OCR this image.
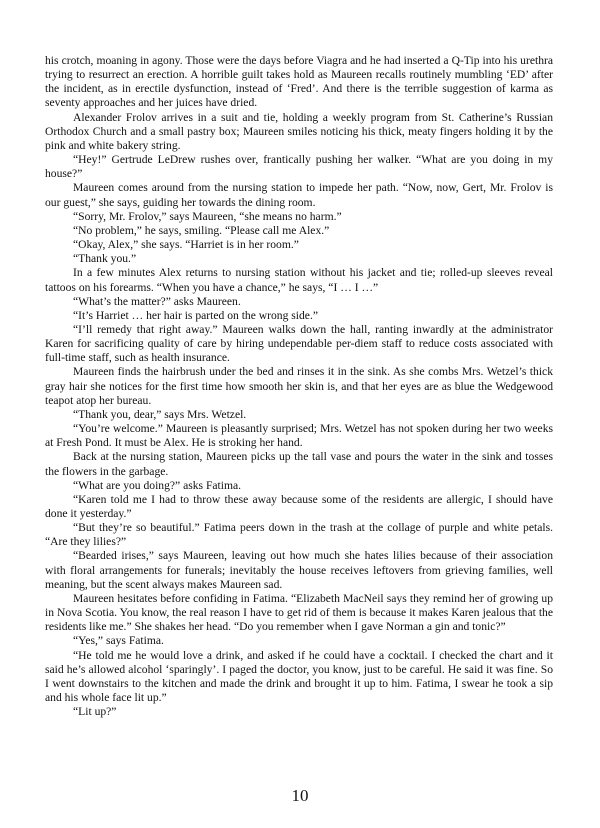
his crotch, moaning in agony. Those were the days before Viagra and he had inserted a Q-Tip into his urethra trying to resurrect an erection. A horrible guilt takes hold as Maureen recalls routinely mumbling ‘ED’ after the incident, as in erectile dysfunction, instead of ‘Fred’. And there is the terrible suggestion of karma as seventy approaches and her juices have dried.

Alexander Frolov arrives in a suit and tie, holding a weekly program from St. Catherine’s Russian Orthodox Church and a small pastry box; Maureen smiles noticing his thick, meaty fingers holding it by the pink and white bakery string.

“Hey!” Gertrude LeDrew rushes over, frantically pushing her walker. “What are you doing in my house?”

Maureen comes around from the nursing station to impede her path. “Now, now, Gert, Mr. Frolov is our guest,” she says, guiding her towards the dining room.

“Sorry, Mr. Frolov,” says Maureen, “she means no harm.”

“No problem,” he says, smiling. “Please call me Alex.”

“Okay, Alex,” she says. “Harriet is in her room.”

“Thank you.”

In a few minutes Alex returns to nursing station without his jacket and tie; rolled-up sleeves reveal tattoos on his forearms. “When you have a chance,” he says, “I … I …”

“What’s the matter?” asks Maureen.

“It’s Harriet … her hair is parted on the wrong side.”

“I’ll remedy that right away.” Maureen walks down the hall, ranting inwardly at the administrator Karen for sacrificing quality of care by hiring undependable per-diem staff to reduce costs associated with full-time staff, such as health insurance.

Maureen finds the hairbrush under the bed and rinses it in the sink. As she combs Mrs. Wetzel’s thick gray hair she notices for the first time how smooth her skin is, and that her eyes are as blue the Wedgewood teapot atop her bureau.

“Thank you, dear,” says Mrs. Wetzel.

“You’re welcome.” Maureen is pleasantly surprised; Mrs. Wetzel has not spoken during her two weeks at Fresh Pond. It must be Alex. He is stroking her hand.

Back at the nursing station, Maureen picks up the tall vase and pours the water in the sink and tosses the flowers in the garbage.

“What are you doing?” asks Fatima.

“Karen told me I had to throw these away because some of the residents are allergic, I should have done it yesterday.”

“But they’re so beautiful.” Fatima peers down in the trash at the collage of purple and white petals. “Are they lilies?”

“Bearded irises,” says Maureen, leaving out how much she hates lilies because of their association with floral arrangements for funerals; inevitably the house receives leftovers from grieving families, well meaning, but the scent always makes Maureen sad.

Maureen hesitates before confiding in Fatima. “Elizabeth MacNeil says they remind her of growing up in Nova Scotia. You know, the real reason I have to get rid of them is because it makes Karen jealous that the residents like me.” She shakes her head. “Do you remember when I gave Norman a gin and tonic?”

“Yes,” says Fatima.

“He told me he would love a drink, and asked if he could have a cocktail. I checked the chart and it said he’s allowed alcohol ‘sparingly’. I paged the doctor, you know, just to be careful. He said it was fine. So I went downstairs to the kitchen and made the drink and brought it up to him. Fatima, I swear he took a sip and his whole face lit up.”

“Lit up?”

10
